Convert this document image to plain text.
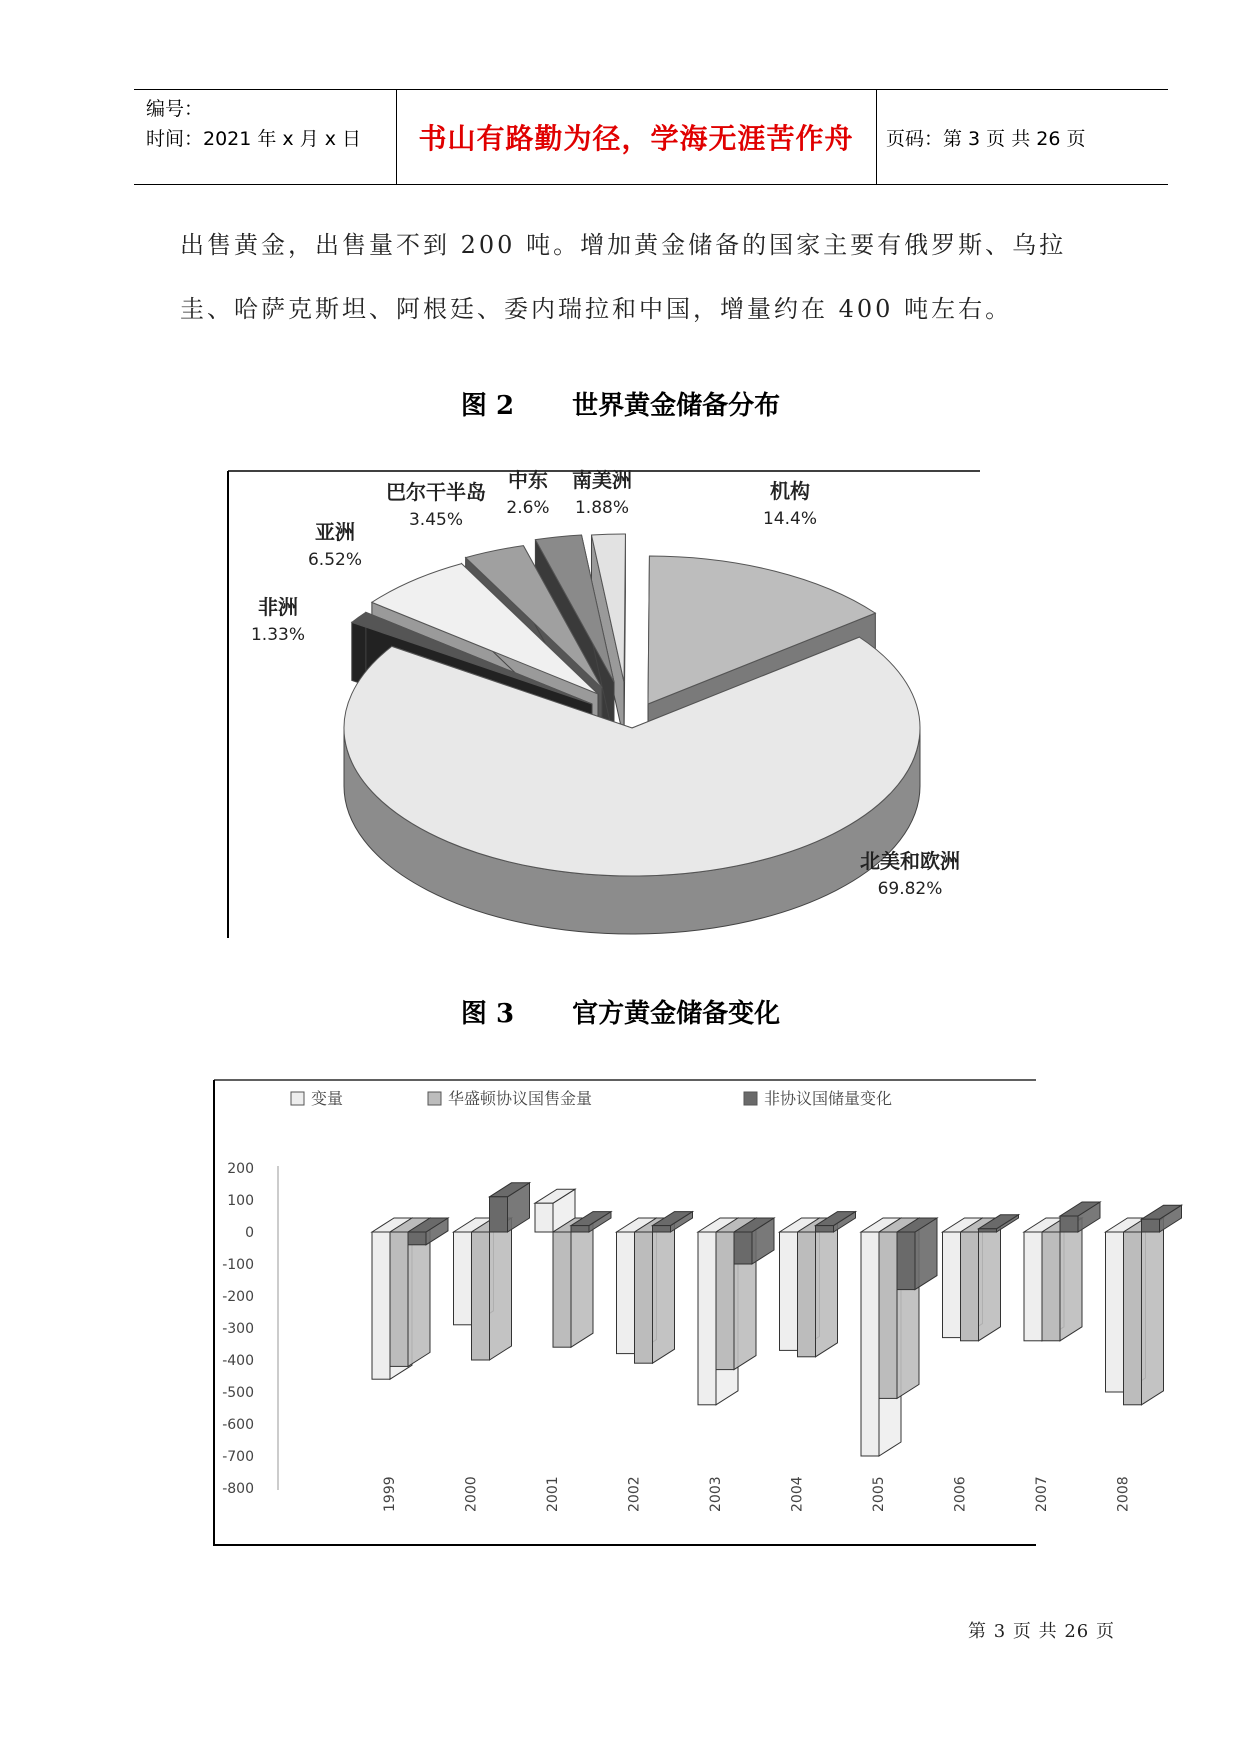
编号：
时间：2021 年 x 月 x 日	书山有路勤为径，学海无涯苦作舟	页码：第 3 页 共 26 页
出售黄金，出售量不到 200 吨。增加黄金储备的国家主要有俄罗斯、乌拉
圭、哈萨克斯坦、阿根廷、委内瑞拉和中国，增量约在 400 吨左右。
图 2 世界黄金储备分布
北美和欧洲
69.82%
机构
14.4%
南美洲
1.88%
中东
2.6%
巴尔干半岛
3.45%
亚洲
6.52%
非洲
1.33%
图 3 官方黄金储备变化
200
100
0
-100
-200
-300
-400
-500
-600
-700
-800
变量	华盛顿协议国售金量	非协议国储量变化
1999	2000	2001	2002	2003	2004	2005	2006	2007	2008
第 3 页 共 26 页
